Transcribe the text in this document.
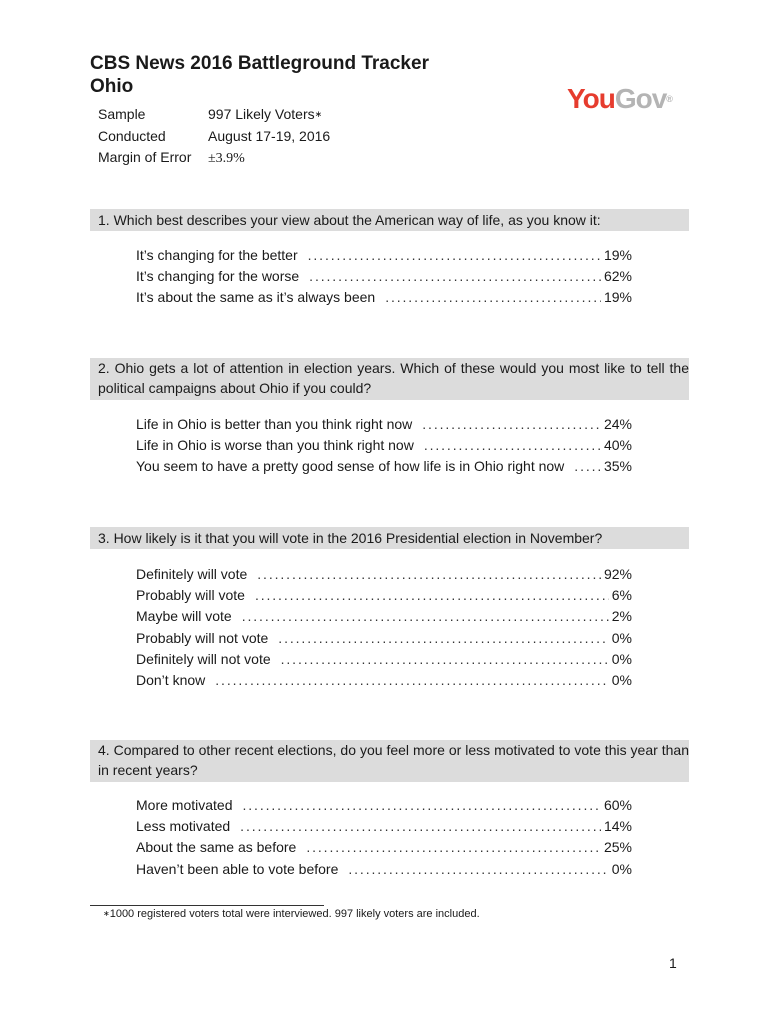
CBS News 2016 Battleground Tracker
Ohio	YouGov®
Sample	997 Likely Voters∗
Conducted	August 17-19, 2016
Margin of Error ±3.9%
1. Which best describes your view about the American way of life, as you know it:
It’s changing for the better . . .	19%
It’s changing for the worse . . .	62%
It’s about the same as it’s always been . . .	19%
2. Ohio gets a lot of attention in election years. Which of these would you most like to tell the political campaigns about Ohio if you could?
Life in Ohio is better than you think right now . . .	24%
Life in Ohio is worse than you think right now . . .	40%
You seem to have a pretty good sense of how life is in Ohio right now . . .	35%
3. How likely is it that you will vote in the 2016 Presidential election in November?
Definitely will vote . . .	92%
Probably will vote . . .	6%
Maybe will vote . . .	2%
Probably will not vote . . .	0%
Definitely will not vote . . .	0%
Don’t know . . .	0%
4. Compared to other recent elections, do you feel more or less motivated to vote this year than in recent years?
More motivated . . .	60%
Less motivated . . .	14%
About the same as before . . .	25%
Haven’t been able to vote before . . .	0%
∗1000 registered voters total were interviewed. 997 likely voters are included.
1
